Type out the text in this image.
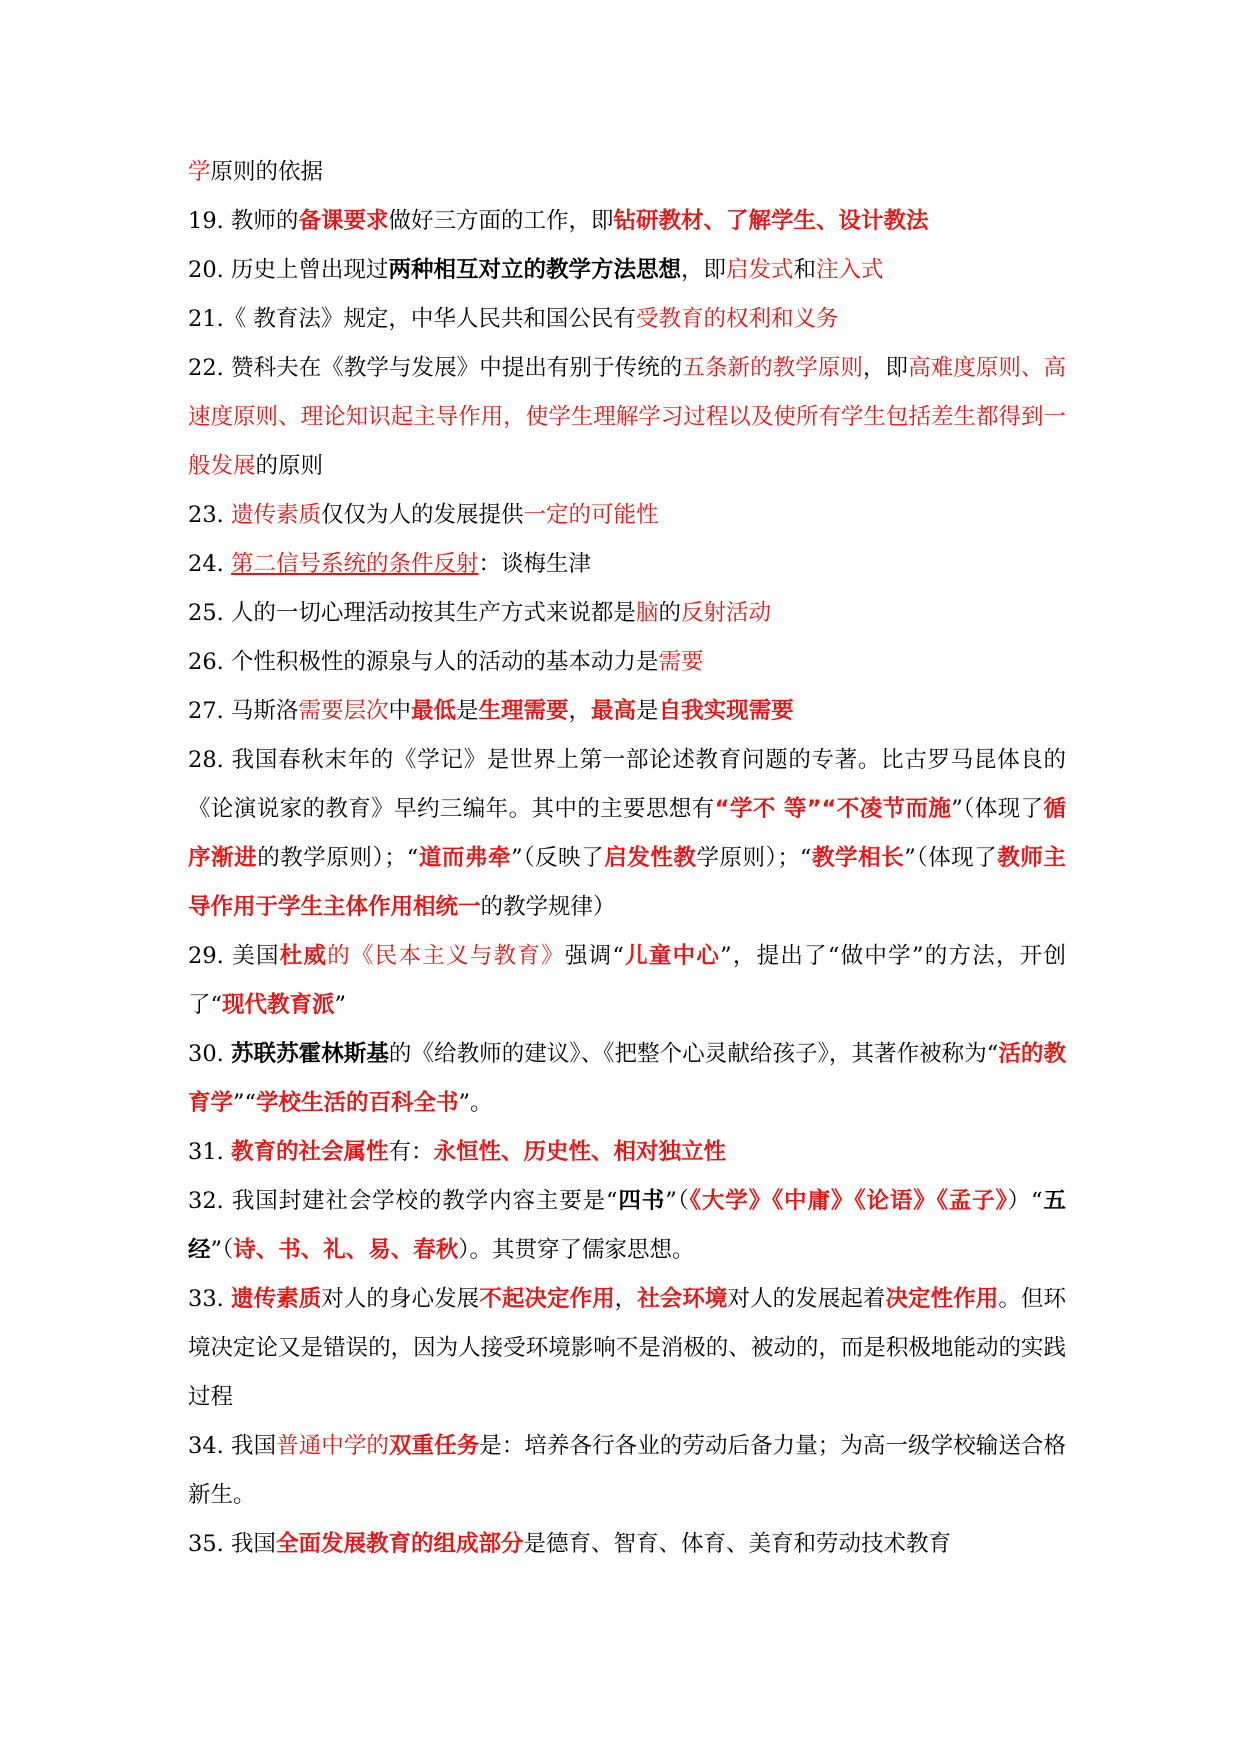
学原则的依据

19. 教师的备课要求做好三方面的工作，即钻研教材、了解学生、设计教法

20. 历史上曾出现过两种相互对立的教学方法思想，即启发式和注入式

21.《 教育法》规定，中华人民共和国公民有受教育的权利和义务

22. 赞科夫在《教学与发展》中提出有别于传统的五条新的教学原则，即高难度原则、高速度原则、理论知识起主导作用，使学生理解学习过程以及使所有学生包括差生都得到一般发展的原则

23. 遗传素质仅仅为人的发展提供一定的可能性

24. 第二信号系统的条件反射：谈梅生津

25. 人的一切心理活动按其生产方式来说都是脑的反射活动

26. 个性积极性的源泉与人的活动的基本动力是需要

27. 马斯洛需要层次中最低是生理需要，最高是自我实现需要

28. 我国春秋末年的《学记》是世界上第一部论述教育问题的专著。比古罗马昆体良的《论演说家的教育》早约三编年。其中的主要思想有“学不 等”“不凌节而施”（体现了循序渐进的教学原则）；“道而弗牵”（反映了启发性教学原则）；“教学相长”（体现了教师主导作用于学生主体作用相统一的教学规律）

29. 美国杜威的《民本主义与教育》强调“儿童中心”，提出了“做中学”的方法，开创了“现代教育派”

30. 苏联苏霍林斯基的《给教师的建议》、《把整个心灵献给孩子》，其著作被称为“活的教育学”“学校生活的百科全书”。

31. 教育的社会属性有：永恒性、历史性、相对独立性

32. 我国封建社会学校的教学内容主要是“四书”（《大学》《中庸》《论语》《孟子》）“五经”（诗、书、礼、易、春秋）。其贯穿了儒家思想。

33. 遗传素质对人的身心发展不起决定作用，社会环境对人的发展起着决定性作用。但环境决定论又是错误的，因为人接受环境影响不是消极的、被动的，而是积极地能动的实践过程

34. 我国普通中学的双重任务是：培养各行各业的劳动后备力量；为高一级学校输送合格新生。

35. 我国全面发展教育的组成部分是德育、智育、体育、美育和劳动技术教育
